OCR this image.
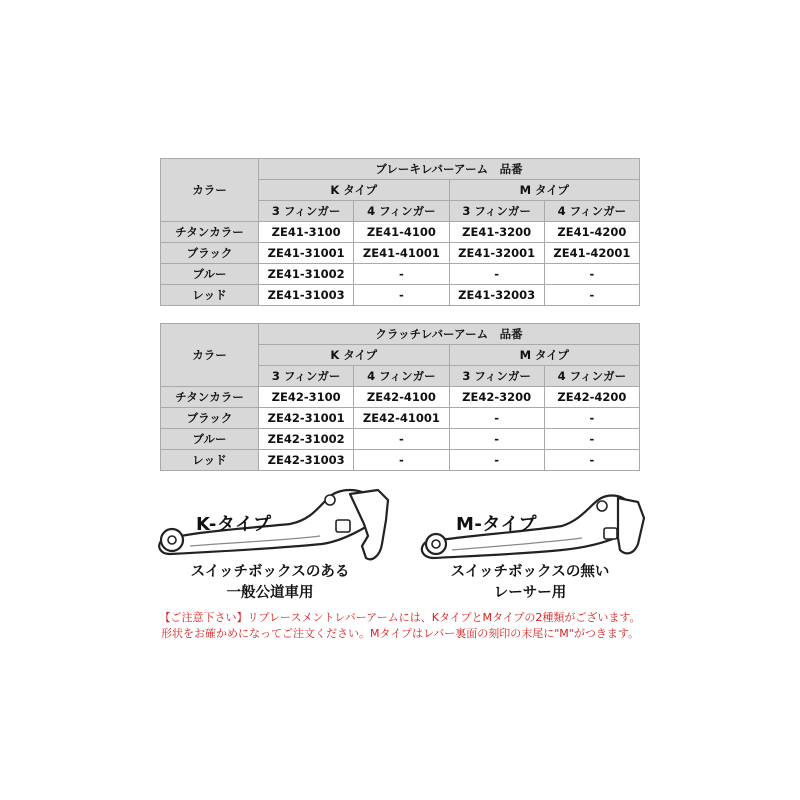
カラー	ブレーキレバーアーム　品番			
	K タイプ		M タイプ	
	3 フィンガー	4 フィンガー	3 フィンガー	4 フィンガー
チタンカラー	ZE41-3100	ZE41-4100	ZE41-3200	ZE41-4200
ブラック	ZE41-31001	ZE41-41001	ZE41-32001	ZE41-42001
ブルー	ZE41-31002	-	-	-
レッド	ZE41-31003	-	ZE41-32003	-
カラー	クラッチレバーアーム　品番			
	K タイプ		M タイプ	
	3 フィンガー	4 フィンガー	3 フィンガー	4 フィンガー
チタンカラー	ZE42-3100	ZE42-4100	ZE42-3200	ZE42-4200
ブラック	ZE42-31001	ZE42-41001	-	-
ブルー	ZE42-31002	-	-	-
レッド	ZE42-31003	-	-	-
K-タイプ
スイッチボックスのある
一般公道車用
M-タイプ
スイッチボックスの無い
レーサー用
【ご注意下さい】リプレースメントレバーアームには、KタイプとMタイプの2種類がございます。
形状をお確かめになってご注文ください。Mタイプはレバー裏面の刻印の末尾に"M"がつきます。
